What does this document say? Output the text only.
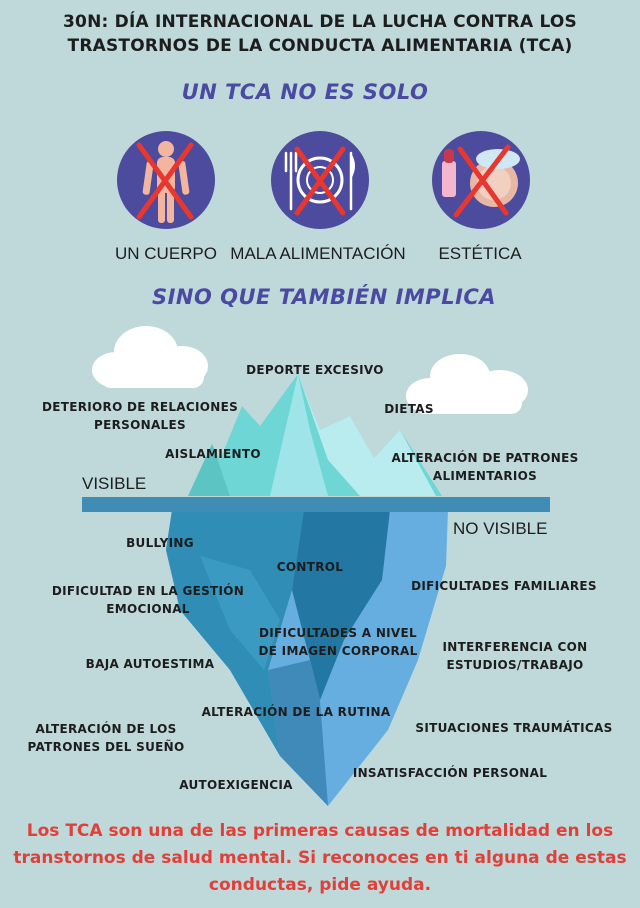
30N: DÍA INTERNACIONAL DE LA LUCHA CONTRA LOS
TRASTORNOS DE LA CONDUCTA ALIMENTARIA (TCA)
UN TCA NO ES SOLO
UN CUERPO MALA ALIMENTACIÓN	ESTÉTICA
SINO QUE TAMBIÉN IMPLICA
VISIBLE
NO VISIBLE
DEPORTE EXCESIVO
DETERIORO DE RELACIONES
PERSONALES
DIETAS
AISLAMIENTO	ALTERACIÓN DE PATRONES
ALIMENTARIOS
BULLYING
CONTROL
DIFICULTAD EN LA GESTIÓN
EMOCIONAL
DIFICULTADES FAMILIARES
DIFICULTADES A NIVEL
DE IMAGEN CORPORAL	INTERFERENCIA CON
ESTUDIOS/TRABAJO
BAJA AUTOESTIMA
ALTERACIÓN DE LA RUTINA
ALTERACIÓN DE LOS
PATRONES DEL SUEÑO
SITUACIONES TRAUMÁTICAS
INSATISFACCIÓN PERSONAL
AUTOEXIGENCIA
Los TCA son una de las primeras causas de mortalidad en los
transtornos de salud mental. Si reconoces en ti alguna de estas
conductas, pide ayuda.
